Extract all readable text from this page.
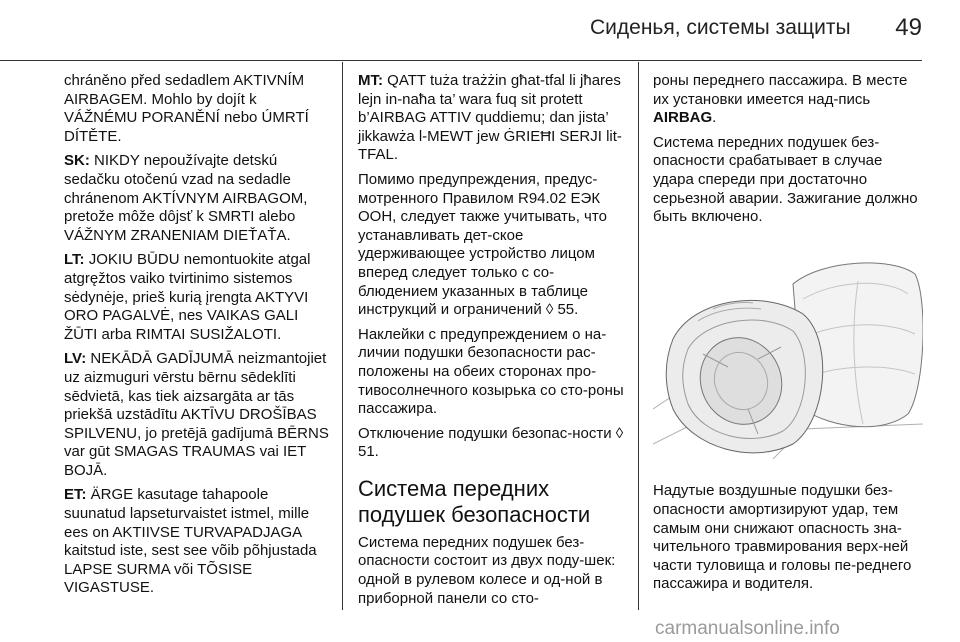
Сиденья, системы защиты 49

chráněno před sedadlem AKTIVNÍM AIRBAGEM. Mohlo by dojít k VÁŽNÉMU PORANĚNÍ nebo ÚMRTÍ DÍTĚTE.

SK: NIKDY nepoužívajte detskú sedačku otočenú vzad na sedadle chránenom AKTÍVNYM AIRBAGOM, pretože môže dôjsť k SMRTI alebo VÁŽNYM ZRANENIAM DIEŤAŤA.

LT: JOKIU BŪDU nemontuokite atgal atgręžtos vaiko tvirtinimo sistemos sėdynėje, prieš kurią įrengta AKTYVI ORO PAGALVĖ, nes VAIKAS GALI ŽŪTI arba RIMTAI SUSIŽALOTI.

LV: NEKĀDĀ GADĪJUMĀ neizmantojiet uz aizmuguri vērstu bērnu sēdeklīti sēdvietā, kas tiek aizsargāta ar tās priekšā uzstādītu AKTĪVU DROŠĪBAS SPILVENU, jo pretējā gadījumā BĒRNS var gūt SMAGAS TRAUMAS vai IET BOJĀ.

ET: ÄRGE kasutage tahapoole suunatud lapseturvaistet istmel, mille ees on AKTIIVSE TURVAPADJAGA kaitstud iste, sest see võib põhjustada LAPSE SURMA või TÕSISE VIGASTUSE.

MT: QATT tuża trażżin għat-tfal li jħares lejn in-naħa ta’ wara fuq sit protett b’AIRBAG ATTIV quddiemu; dan jista’ jikkawża l-MEWT jew ĠRIEĦI SERJI lit-TFAL.

Помимо предупреждения, предус‐мотренного Правилом R94.02 ЕЭК ООН, следует также учитывать, что устанавливать дет‐ское удерживающее устройство лицом вперед следует только с со‐блюдением указанных в таблице инструкций и ограничений ◊ 55.

Наклейки с предупреждением о на‐личии подушки безопасности рас‐положены на обеих сторонах про‐тивосолнечного козырька со сто‐роны пассажира.

Отключение подушки безопас‐ности ◊ 51.

Система передних подушек безопасности

Система передних подушек без‐опасности состоит из двух поду‐шек: одной в рулевом колесе и од‐ной в приборной панели со сто‐

роны переднего пассажира. В месте их установки имеется над‐пись AIRBAG.

Система передних подушек без‐опасности срабатывает в случае удара спереди при достаточно серьезной аварии. Зажигание должно быть включено.

Надутые воздушные подушки без‐опасности амортизируют удар, тем самым они снижают опасность зна‐чительного травмирования верх‐ней части туловища и головы пе‐реднего пассажира и водителя.

carmanualsonline.info
